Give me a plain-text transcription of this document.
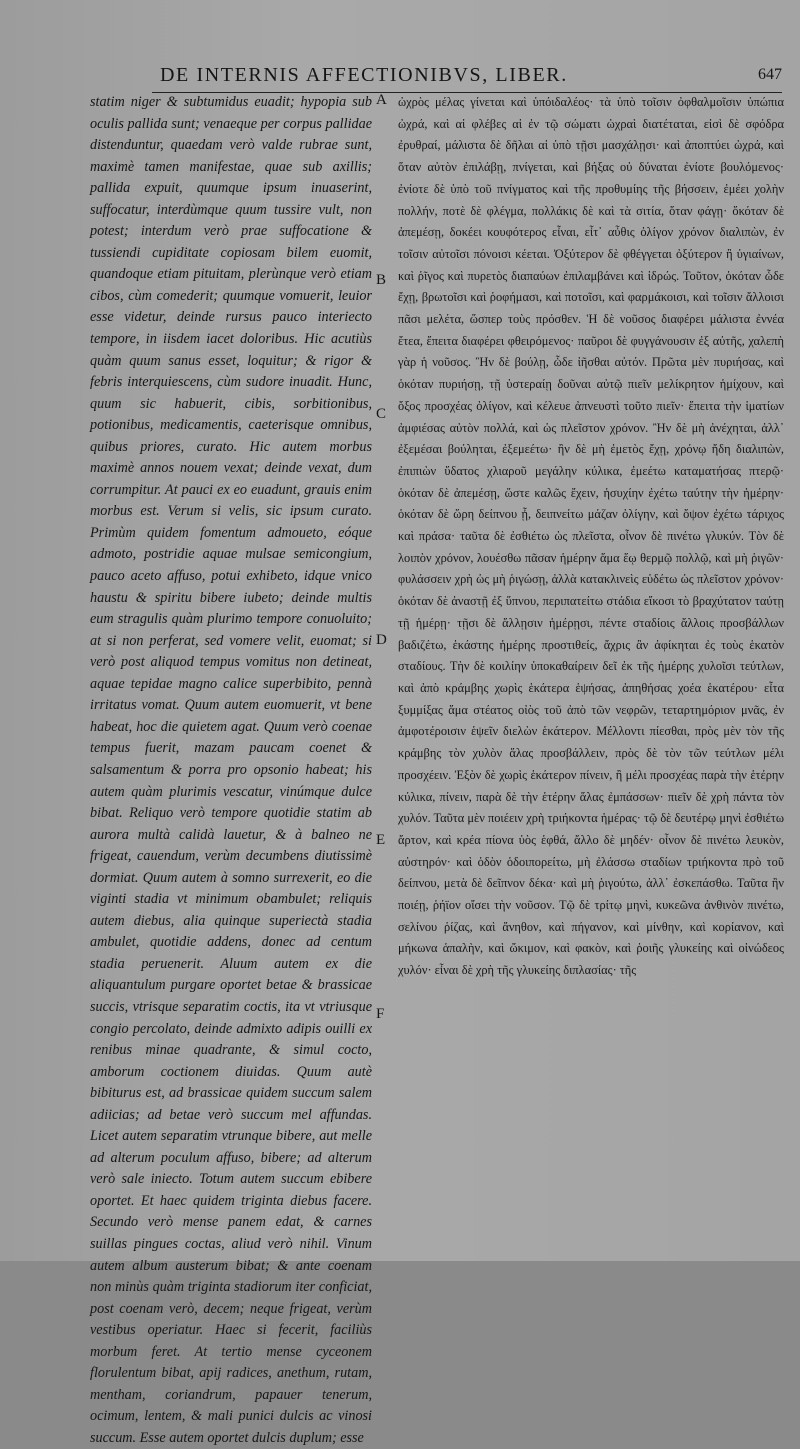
DE INTERNIS AFFECTIONIBVS, LIBER.	647

statim niger & subtumidus euadit; hypopia sub oculis pallida sunt; venaeque per corpus pallidae distenduntur, quaedam verò valde rubrae sunt, maximè tamen manifestae, quae sub axillis; pallida expuit, quumque ipsum inuaserint, suffocatur, interdùmque quum tussire vult, non potest; interdum verò prae suffocatione & tussiendi cupiditate copiosam bilem euomit, quandoque etiam pituitam, plerùnque verò etiam cibos, cùm comederit; quumque vomuerit, leuior esse videtur, deinde rursus pauco interiecto tempore, in iisdem iacet doloribus. Hic acutiùs quàm quum sanus esset, loquitur; & rigor & febris interquiescens, cùm sudore inuadit. Hunc, quum sic habuerit, cibis, sorbitionibus, potionibus, medicamentis, caeterisque omnibus, quibus priores, curato. Hic autem morbus maximè annos nouem vexat; deinde vexat, dum corrumpitur. At pauci ex eo euadunt, grauis enim morbus est. Verum si velis, sic ipsum curato. Primùm quidem fomentum admoueto, eóque admoto, postridie aquae mulsae semicongium, pauco aceto affuso, potui exhibeto, idque vnico haustu & spiritu bibere iubeto; deinde multis eum stragulis quàm plurimo tempore conuoluito; at si non perferat, sed vomere velit, euomat; si verò post aliquod tempus vomitus non detineat, aquae tepidae magno calice superbibito, pennà irritatus vomat. Quum autem euomuerit, vt bene habeat, hoc die quietem agat. Quum verò coenae tempus fuerit, mazam paucam coenet & salsamentum & porra pro opsonio habeat; his autem quàm plurimis vescatur, vinúmque dulce bibat. Reliquo verò tempore quotidie statim ab aurora multà calidà lauetur, & à balneo ne frigeat, cauendum, verùm decumbens diutissimè dormiat. Quum autem à somno surrexerit, eo die viginti stadia vt minimum obambulet; reliquis autem diebus, alia quinque superiectà stadia ambulet, quotidie addens, donec ad centum stadia peruenerit. Aluum autem ex die aliquantulum purgare oportet betae & brassicae succis, vtrisque separatim coctis, ita vt vtriusque congio percolato, deinde admixto adipis ouilli ex renibus minae quadrante, & simul cocto, amborum coctionem diuidas. Quum autè bibiturus est, ad brassicae quidem succum salem adiicias; ad betae verò succum mel affundas. Licet autem separatim vtrunque bibere, aut melle ad alterum poculum affuso, bibere; ad alterum verò sale iniecto. Totum autem succum ebibere oportet. Et haec quidem triginta diebus facere. Secundo verò mense panem edat, & carnes suillas pingues coctas, aliud verò nihil. Vinum autem album austerum bibat; & ante coenam non minùs quàm triginta stadiorum iter conficiat, post coenam verò, decem; neque frigeat, verùm vestibus operiatur. Haec si fecerit, faciliùs morbum feret. At tertio mense cyceonem florulentum bibat, apij radices, anethum, rutam, mentham, coriandrum, papauer tenerum, ocimum, lentem, & mali punici dulcis ac vinosi succum. Esse autem oportet dulcis duplum; esse

A
B
C
D
E
F

ὠχρὸς μέλας γίνεται καὶ ὑπόιδαλέος· τὰ ὑπὸ τοῖσιν ὀφθαλμοῖσιν ὑπώπια ὠχρά, καὶ αἱ φλέβες αἱ ἐν τῷ σώματι ὠχραὶ διατέταται, εἰσὶ δὲ σφόδρα ἐρυθραί, μάλιστα δὲ δῆλαι αἱ ὑπὸ τῇσι μασχάλῃσι· καὶ ἀποπτύει ὠχρά, καὶ ὅταν αὐτὸν ἐπιλάβῃ, πνίγεται, καὶ βήξας οὐ δύναται ἐνίοτε βουλόμενος· ἐνίοτε δὲ ὑπὸ τοῦ πνίγματος καὶ τῆς προθυμίης τῆς βήσσειν, ἐμέει χολὴν πολλήν, ποτὲ δὲ φλέγμα, πολλάκις δὲ καὶ τὰ σιτία, ὅταν φάγῃ· ὅκόταν δὲ ἀπεμέσῃ, δοκέει κουφότερος εἶναι, εἶτ᾽ αὖθις ὀλίγον χρόνον διαλιπὼν, ἐν τοῖσιν αὐτοῖσι πόνοισι κέεται. Ὀξύτερον δὲ φθέγγεται ὀξύτερον ἢ ὑγιαίνων, καὶ ῥῖγος καὶ πυρετὸς διαπαύων ἐπιλαμβάνει καὶ ἱδρώς. Τοῦτον, ὁκόταν ὧδε ἔχῃ, βρωτοῖσι καὶ ῥοφήμασι, καὶ ποτοῖσι, καὶ φαρμάκοισι, καὶ τοῖσιν ἄλλοισι πᾶσι μελέτα, ὥσπερ τοὺς πρόσθεν. Ἡ δὲ νοῦσος διαφέρει μάλιστα ἐννέα ἔτεα, ἔπειτα διαφέρει φθειρόμενος· παῦροι δὲ φυγγάνουσιν ἐξ αὐτῆς, χαλεπὴ γὰρ ἡ νοῦσος. Ἢν δὲ βούλῃ, ὧδε ἰῆσθαι αὐτόν. Πρῶτα μὲν πυριήσας, καὶ ὁκόταν πυριήσῃ, τῇ ὑστεραίῃ δοῦναι αὐτῷ πιεῖν μελίκρητον ἡμίχουν, καὶ ὄξος προσχέας ὀλίγον, καὶ κέλευε ἀπνευστὶ τοῦτο πιεῖν· ἔπειτα τὴν ἱματίων ἀμφιέσας αὐτὸν πολλά, καὶ ὡς πλεῖστον χρόνον. Ἢν δὲ μὴ ἀνέχηται, ἀλλ᾽ ἐξεμέσαι βούληται, ἐξεμεέτω· ἢν δὲ μὴ ἐμετὸς ἔχῃ, χρόνῳ ἤδη διαλιπὼν, ἐπιπιὼν ὕδατος χλιαροῦ μεγάλην κύλικα, ἐμεέτω καταματήσας πτερῷ· ὁκόταν δὲ ἀπεμέσῃ, ὥστε καλῶς ἔχειν, ἡσυχίην ἐχέτω ταύτην τὴν ἡμέρην· ὁκόταν δὲ ὥρη δείπνου ᾖ, δειπνείτω μάζαν ὀλίγην, καὶ ὄψον ἐχέτω τάριχος καὶ πράσα· ταῦτα δὲ ἐσθιέτω ὡς πλεῖστα, οἶνον δὲ πινέτω γλυκύν. Τὸν δὲ λοιπὸν χρόνον, λουέσθω πᾶσαν ἡμέρην ἅμα ἕῳ θερμῷ πολλῷ, καὶ μὴ ῥιγῶν· φυλάσσειν χρὴ ὡς μὴ ῥιγώσῃ, ἀλλὰ κατακλινεὶς εὑδέτω ὡς πλεῖστον χρόνον· ὁκόταν δὲ ἀναστῇ ἐξ ὕπνου, περιπατείτω στάδια εἴκοσι τὸ βραχύτατον ταύτῃ τῇ ἡμέρῃ· τῇσι δὲ ἄλλῃσιν ἡμέρῃσι, πέντε σταδίοις ἄλλοις προσβάλλων βαδιζέτω, ἑκάστης ἡμέρης προστιθείς, ἄχρις ἂν ἀφίκηται ἐς τοὺς ἑκατὸν σταδίους. Τὴν δὲ κοιλίην ὑποκαθαίρειν δεῖ ἐκ τῆς ἡμέρης χυλοῖσι τεύτλων, καὶ ἀπὸ κράμβης χωρὶς ἑκάτερα ἑψήσας, ἀπηθήσας χοέα ἑκατέρου· εἶτα ξυμμίξας ἅμα στέατος οἰὸς τοῦ ἀπὸ τῶν νεφρῶν, τεταρτημόριον μνᾶς, ἐν ἀμφοτέροισιν ἑψεῖν διελὼν ἑκάτερον. Μέλλοντι πίεσθαι, πρὸς μὲν τὸν τῆς κράμβης τὸν χυλὸν ἅλας προσβάλλειν, πρὸς δὲ τὸν τῶν τεύτλων μέλι προσχέειν. Ἐξὸν δὲ χωρὶς ἑκάτερον πίνειν, ἢ μέλι προσχέας παρὰ τὴν ἑτέρην κύλικα, πίνειν, παρὰ δὲ τὴν ἑτέρην ἅλας ἐμπάσσων· πιεῖν δὲ χρὴ πάντα τὸν χυλόν. Ταῦτα μὲν ποιέειν χρὴ τριήκοντα ἡμέρας· τῷ δὲ δευτέρῳ μηνὶ ἐσθιέτω ἄρτον, καὶ κρέα πίονα ὑὸς ἑφθά, ἄλλο δὲ μηδέν· οἶνον δὲ πινέτω λευκὸν, αὐστηρόν· καὶ ὁδὸν ὁδοιπορείτω, μὴ ἐλάσσω σταδίων τριήκοντα πρὸ τοῦ δείπνου, μετὰ δὲ δεῖπνον δέκα· καὶ μὴ ῥιγούτω, ἀλλ᾽ ἐσκεπάσθω. Ταῦτα ἢν ποιέῃ, ῥήϊον οἴσει τὴν νοῦσον. Τῷ δὲ τρίτῳ μηνὶ, κυκεῶνα ἀνθινὸν πινέτω, σελίνου ῥίζας, καὶ ἄνηθον, καὶ πήγανον, καὶ μίνθην, καὶ κορίανον, καὶ μήκωνα ἁπαλὴν, καὶ ὤκιμον, καὶ φακὸν, καὶ ῥοιῆς γλυκείης καὶ οἰνώδεος χυλόν· εἶναι δὲ χρὴ τῆς γλυκείης διπλασίας· τῆς
